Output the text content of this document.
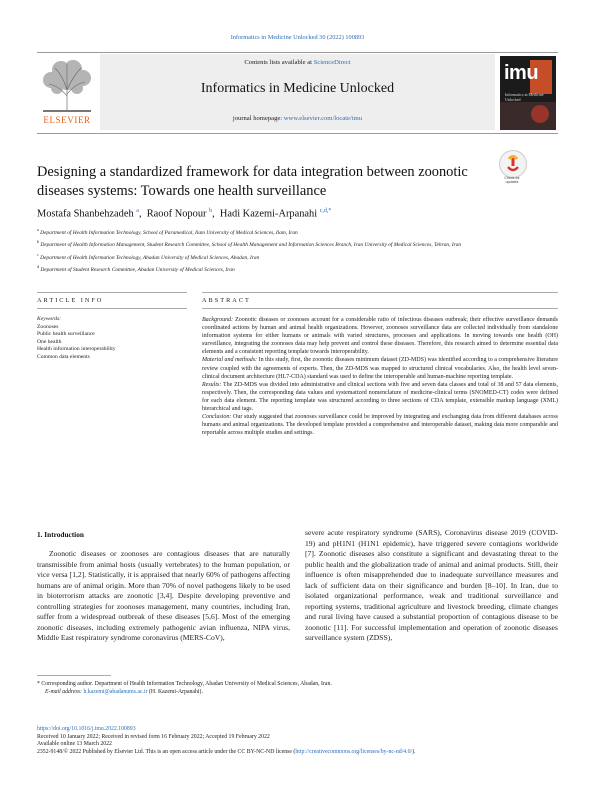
Informatics in Medicine Unlocked 30 (2022) 100893
ELSEVIER
Contents lists available at ScienceDirect
Informatics in Medicine Unlocked
journal homepage: www.elsevier.com/locate/imu
imu
Informatics in Medicine Unlocked
Designing a standardized framework for data integration between zoonotic diseases systems: Towards one health surveillance
Check for updates
Mostafa Shanbehzadeh $^a$,  Raoof Nopour $^b$,  Hadi Kazemi-Arpanahi $^{c,d,*}$
$^a$ Department of Health Information Technology, School of Paramedical, Ilam University of Medical Sciences, Ilam, Iran
$^b$ Department of Health Information Management, Student Research Committee, School of Health Management and Information Sciences Branch, Iran University of Medical Sciences, Tehran, Iran
$^c$ Department of Health Information Technology, Abadan University of Medical Sciences, Abadan, Iran
$^d$ Department of Student Research Committee, Abadan University of Medical Sciences, Iran
ARTICLE INFO	ABSTRACT
Keywords:
Zoonoses
Public health surveillance
One health
Health information interoperability
Common data elements

Background: Zoonotic diseases or zoonoses account for a considerable ratio of infectious diseases outbreak; their effective surveillance demands coordinated actions by human and animal health organizations. However, zoonoses surveillance data are collected individually from standalone information systems for either humans or animals with varied structures, processes and applications. In moving towards one health (OH) surveillance, integrating the zoonoses data may help prevent and control these diseases. Therefore, this research aimed to determine essential data elements and a consistent reporting template towards interoperability.

Material and methods: In this study, first, the zoonotic diseases minimum dataset (ZD-MDS) was identified according to a comprehensive literature review coupled with the agreements of experts. Then, the ZD-MDS was mapped to structured clinical vocabularies. Also, the health level seven-clinical document architecture (HL7-CDA) standard was used to define the interoperable and human-machine reporting template.

Results: The ZD-MDS was divided into administrative and clinical sections with five and seven data classes and total of 38 and 57 data elements, respectively. Then, the corresponding data values and systematized nomenclature of medicine-clinical terms (SNOMED-CT) codes were defined for each data element. The reporting template was structured according to three sections of CDA template, extensible markup language (XML) hierarchical and tags.

Conclusion: Our study suggested that zoonoses surveillance could be improved by integrating and exchanging data from different databases across humans and animal organizations. The developed template provided a comprehensive and interoperable dataset, making data more comparable and reportable across multiple studies and settings.

1. Introduction

Zoonotic diseases or zoonoses are contagious diseases that are naturally transmissible from animal hosts (usually vertebrates) to the human population, or vice versa [1,2]. Statistically, it is appraised that nearly 60% of pathogens affecting humans are of animal origin. More than 70% of novel pathogens likely to be used in bioterrorism attacks are zoonotic [3,4]. Despite developing preventive and controlling strategies for zoonoses management, many countries, including Iran, suffer from a widespread outbreak of these diseases [5,6]. Most of the emerging zoonotic diseases, including extremely pathogenic avian influenza, NIPA virus, Middle East respiratory syndrome coronavirus (MERS-CoV),

severe acute respiratory syndrome (SARS), Coronavirus disease 2019 (COVID-19) and pH1N1 (H1N1 epidemic), have triggered severe contagions worldwide [7]. Zoonotic diseases also constitute a significant and devastating threat to the public health and the globalization trade of animal and animal products. Still, their influence is often misapprehended due to inadequate surveillance measures and lack of sufficient data on their significance and burden [8–10]. In Iran, due to isolated organizational performance, weak and traditional surveillance and reporting systems, traditional agriculture and livestock breeding, climate changes and rural living have caused a substantial proportion of contagious disease to be zoonotic [11]. For successful implementation and operation of zoonotic diseases surveillance system (ZDSS),

* Corresponding author. Department of Health Information Technology, Abadan University of Medical Sciences, Abadan, Iran.
E-mail address: h.kazemi@abadanums.ac.ir (H. Kazemi-Arpanahi).
https://doi.org/10.1016/j.imu.2022.100893
Received 10 January 2022; Received in revised form 16 February 2022; Accepted 19 February 2022
Available online 13 March 2022
2352-9148/© 2022 Published by Elsevier Ltd. This is an open access article under the CC BY-NC-ND license (http://creativecommons.org/licenses/by-nc-nd/4.0/).
